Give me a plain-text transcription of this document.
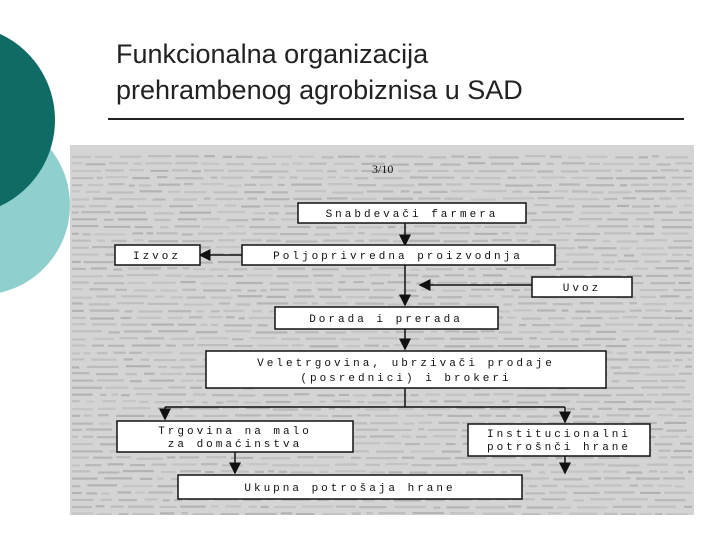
Funkcionalna organizacija
prehrambenog agrobiznisa u SAD
3/10
Snabdevači farmera
Izvoz	Poljoprivredna proizvodnja
Uvoz
Dorada i prerada
Veletrgovina, ubrzivači prodaje
(posrednici) i brokeri
Trgovina na malo
za domaćinstva
Institucionalni
potrošnči hrane
Ukupna potrošaja hrane
